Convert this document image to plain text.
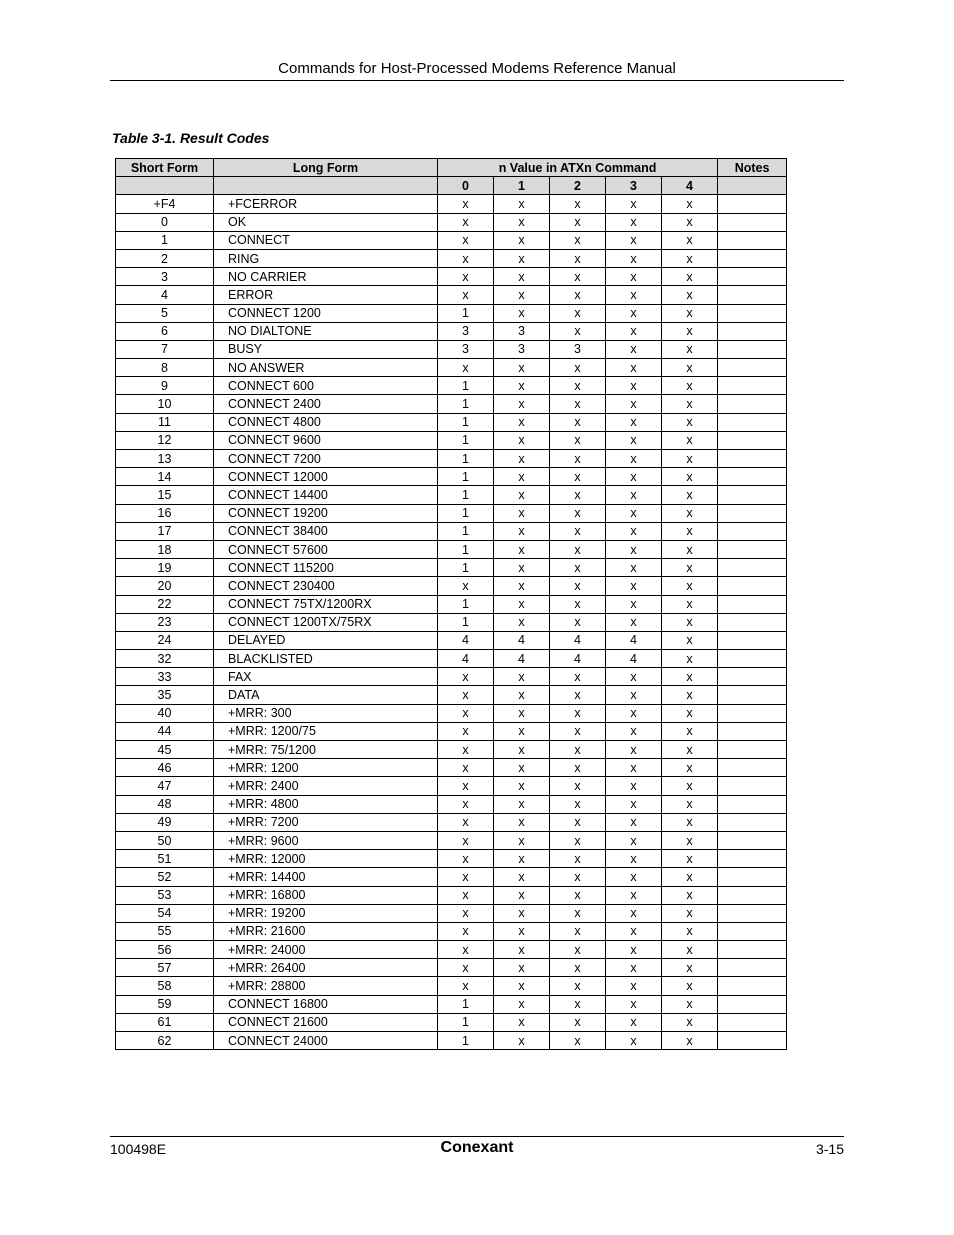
Commands for Host-Processed Modems Reference Manual
Table 3-1. Result Codes
Short Form	Long Form	n Value in ATXn Command					Notes
		0	1	2	3	4	
+F4	+FCERROR	x	x	x	x	x	
0	OK	x	x	x	x	x	
1	CONNECT	x	x	x	x	x	
2	RING	x	x	x	x	x	
3	NO CARRIER	x	x	x	x	x	
4	ERROR	x	x	x	x	x	
5	CONNECT 1200	1	x	x	x	x	
6	NO DIALTONE	3	3	x	x	x	
7	BUSY	3	3	3	x	x	
8	NO ANSWER	x	x	x	x	x	
9	CONNECT 600	1	x	x	x	x	
10	CONNECT 2400	1	x	x	x	x	
11	CONNECT 4800	1	x	x	x	x	
12	CONNECT 9600	1	x	x	x	x	
13	CONNECT 7200	1	x	x	x	x	
14	CONNECT 12000	1	x	x	x	x	
15	CONNECT 14400	1	x	x	x	x	
16	CONNECT 19200	1	x	x	x	x	
17	CONNECT 38400	1	x	x	x	x	
18	CONNECT 57600	1	x	x	x	x	
19	CONNECT 115200	1	x	x	x	x	
20	CONNECT 230400	x	x	x	x	x	
22	CONNECT 75TX/1200RX	1	x	x	x	x	
23	CONNECT 1200TX/75RX	1	x	x	x	x	
24	DELAYED	4	4	4	4	x	
32	BLACKLISTED	4	4	4	4	x	
33	FAX	x	x	x	x	x	
35	DATA	x	x	x	x	x	
40	+MRR: 300	x	x	x	x	x	
44	+MRR: 1200/75	x	x	x	x	x	
45	+MRR: 75/1200	x	x	x	x	x	
46	+MRR: 1200	x	x	x	x	x	
47	+MRR: 2400	x	x	x	x	x	
48	+MRR: 4800	x	x	x	x	x	
49	+MRR: 7200	x	x	x	x	x	
50	+MRR: 9600	x	x	x	x	x	
51	+MRR: 12000	x	x	x	x	x	
52	+MRR: 14400	x	x	x	x	x	
53	+MRR: 16800	x	x	x	x	x	
54	+MRR: 19200	x	x	x	x	x	
55	+MRR: 21600	x	x	x	x	x	
56	+MRR: 24000	x	x	x	x	x	
57	+MRR: 26400	x	x	x	x	x	
58	+MRR: 28800	x	x	x	x	x	
59	CONNECT 16800	1	x	x	x	x	
61	CONNECT 21600	1	x	x	x	x	
62	CONNECT 24000	1	x	x	x	x	
100498E	Conexant	3-15
